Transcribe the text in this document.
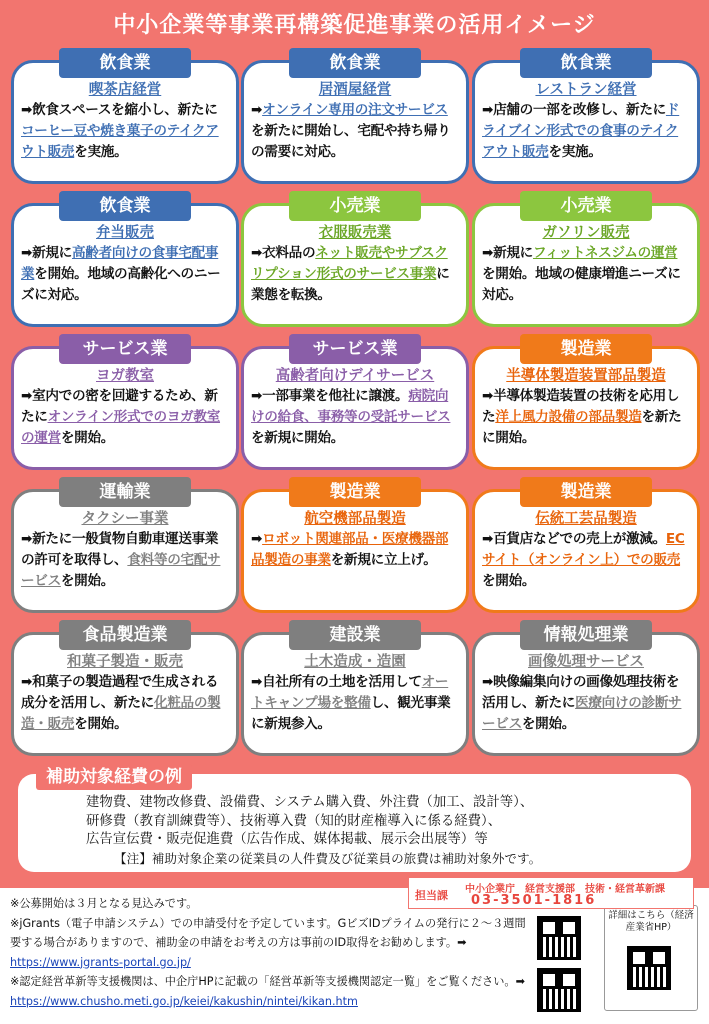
中小企業等事業再構築促進事業の活用イメージ
飲食業
喫茶店経営
➡飲食スペースを縮小し、新たにコーヒー豆や焼き菓子のテイクアウト販売を実施。
飲食業
居酒屋経営
➡オンライン専用の注文サービスを新たに開始し、宅配や持ち帰りの需要に対応。
飲食業
レストラン経営
➡店舗の一部を改修し、新たにドライブイン形式での食事のテイクアウト販売を実施。
飲食業
弁当販売
➡新規に高齢者向けの食事宅配事業を開始。地域の高齢化へのニーズに対応。
小売業
衣服販売業
➡衣料品のネット販売やサブスクリプション形式のサービス事業に業態を転換。
小売業
ガソリン販売
➡新規にフィットネスジムの運営を開始。地域の健康増進ニーズに対応。
サービス業
ヨガ教室
➡室内での密を回避するため、新たにオンライン形式でのヨガ教室の運営を開始。
サービス業
高齢者向けデイサービス
➡一部事業を他社に譲渡。病院向けの給食、事務等の受託サービスを新規に開始。
製造業
半導体製造装置部品製造
➡半導体製造装置の技術を応用した洋上風力設備の部品製造を新たに開始。
運輸業
タクシー事業
➡新たに一般貨物自動車運送事業の許可を取得し、食料等の宅配サービスを開始。
製造業
航空機部品製造
➡ロボット関連部品・医療機器部品製造の事業を新規に立上げ。
製造業
伝統工芸品製造
➡百貨店などでの売上が激減。ECサイト（オンライン上）での販売を開始。
食品製造業
和菓子製造・販売
➡和菓子の製造過程で生成される成分を活用し、新たに化粧品の製造・販売を開始。
建設業
土木造成・造園
➡自社所有の土地を活用してオートキャンプ場を整備し、観光事業に新規参入。
情報処理業
画像処理サービス
➡映像編集向けの画像処理技術を活用し、新たに医療向けの診断サービスを開始。
補助対象経費の例
建物費、建物改修費、設備費、システム購入費、外注費（加工、設計等）、
研修費（教育訓練費等）、技術導入費（知的財産権導入に係る経費）、
広告宣伝費・販売促進費（広告作成、媒体掲載、展示会出展等）等
【注】補助対象企業の従業員の人件費及び従業員の旅費は補助対象外です。
※公募開始は３月となる見込みです。
※jGrants（電子申請システム）での申請受付を予定しています。GビズIDプライムの発行に２～３週間要する場合がありますので、補助金の申請をお考えの方は事前のID取得をお勧めします。➡ https://www.jgrants-portal.go.jp/
※認定経営革新等支援機関は、中企庁HPに記載の「経営革新等支援機関認定一覧」をご覧ください。➡ https://www.chusho.meti.go.jp/keiei/kakushin/nintei/kikan.htm
詳細はこちら（経済産業省HP）
担当課 中小企業庁　経営支援部　技術・経営革新課
03-3501-1816
